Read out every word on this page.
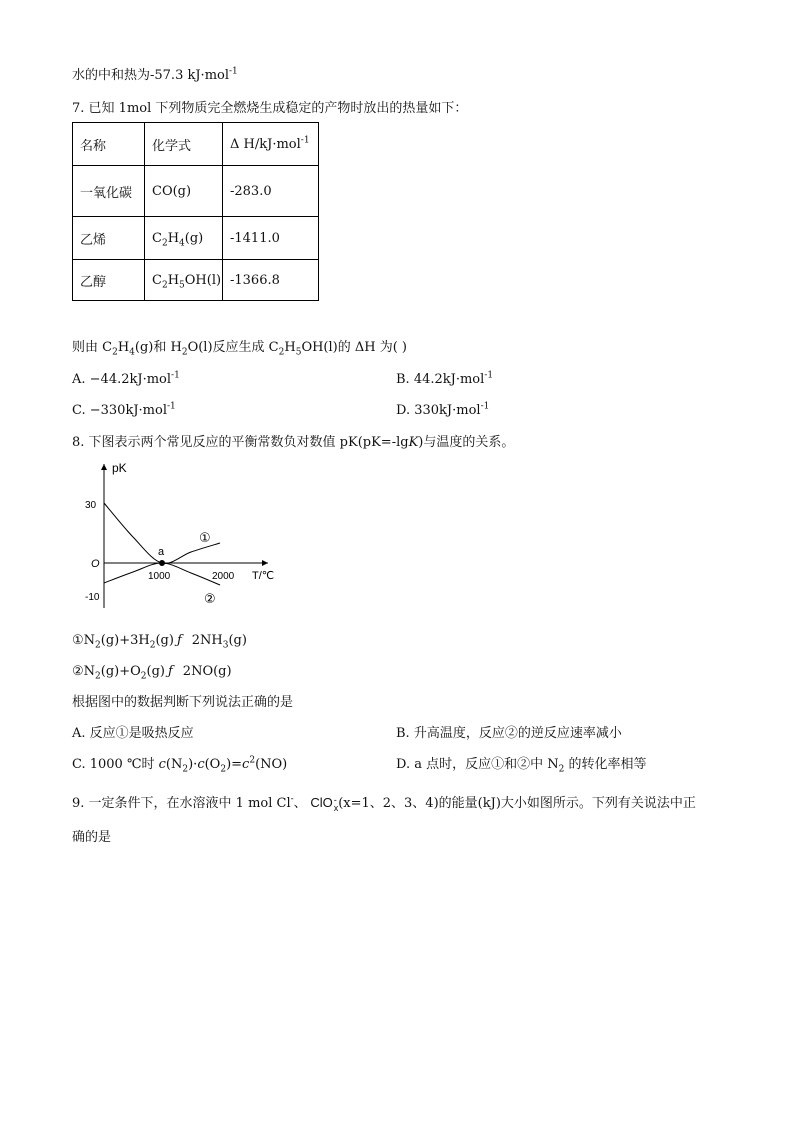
水的中和热为-57.3 kJ·mol$^{-1}$
7. 已知 1mol 下列物质完全燃烧生成稳定的产物时放出的热量如下：
名称	化学式	Δ H/kJ·mol$^{-1}$
一氧化碳	CO(g)	-283.0
乙烯	$C_2H_4(g)$	-1411.0
乙醇	$C_2H_5OH(l)$	-1366.8
则由 $C_2H_4(g)$和 $H_2O(l)$反应生成 $C_2H_5OH(l)$的 ΔH 为( )
A. −44.2kJ·mol$^{-1}$	B. 44.2kJ·mol$^{-1}$
C. −330kJ·mol$^{-1}$	D. 330kJ·mol$^{-1}$
8. 下图表示两个常见反应的平衡常数负对数值 pK(pK=-lgK)与温度的关系。
pK
T/℃
O
30
-10
1000	2000
a
①
②
$①N_2(g)+3H_2(g)$ ƒ $2NH_3(g)$
$②N_2(g)+O_2(g)$ ƒ 2NO(g)
根据图中的数据判断下列说法正确的是
A. 反应①是吸热反应	B. 升高温度，反应②的逆反应速率减小
C. 1000 ℃时 $c(N_2)\cdot c(O_2)=c^2(NO)$	D. a 点时，反应①和②中 $N_2$ 的转化率相等
9. 一定条件下，在水溶液中 1 mol Cl-、 ClO -
x (x=1、2、3、4)的能量(kJ)大小如图所示。下列有关说法中正
确的是
